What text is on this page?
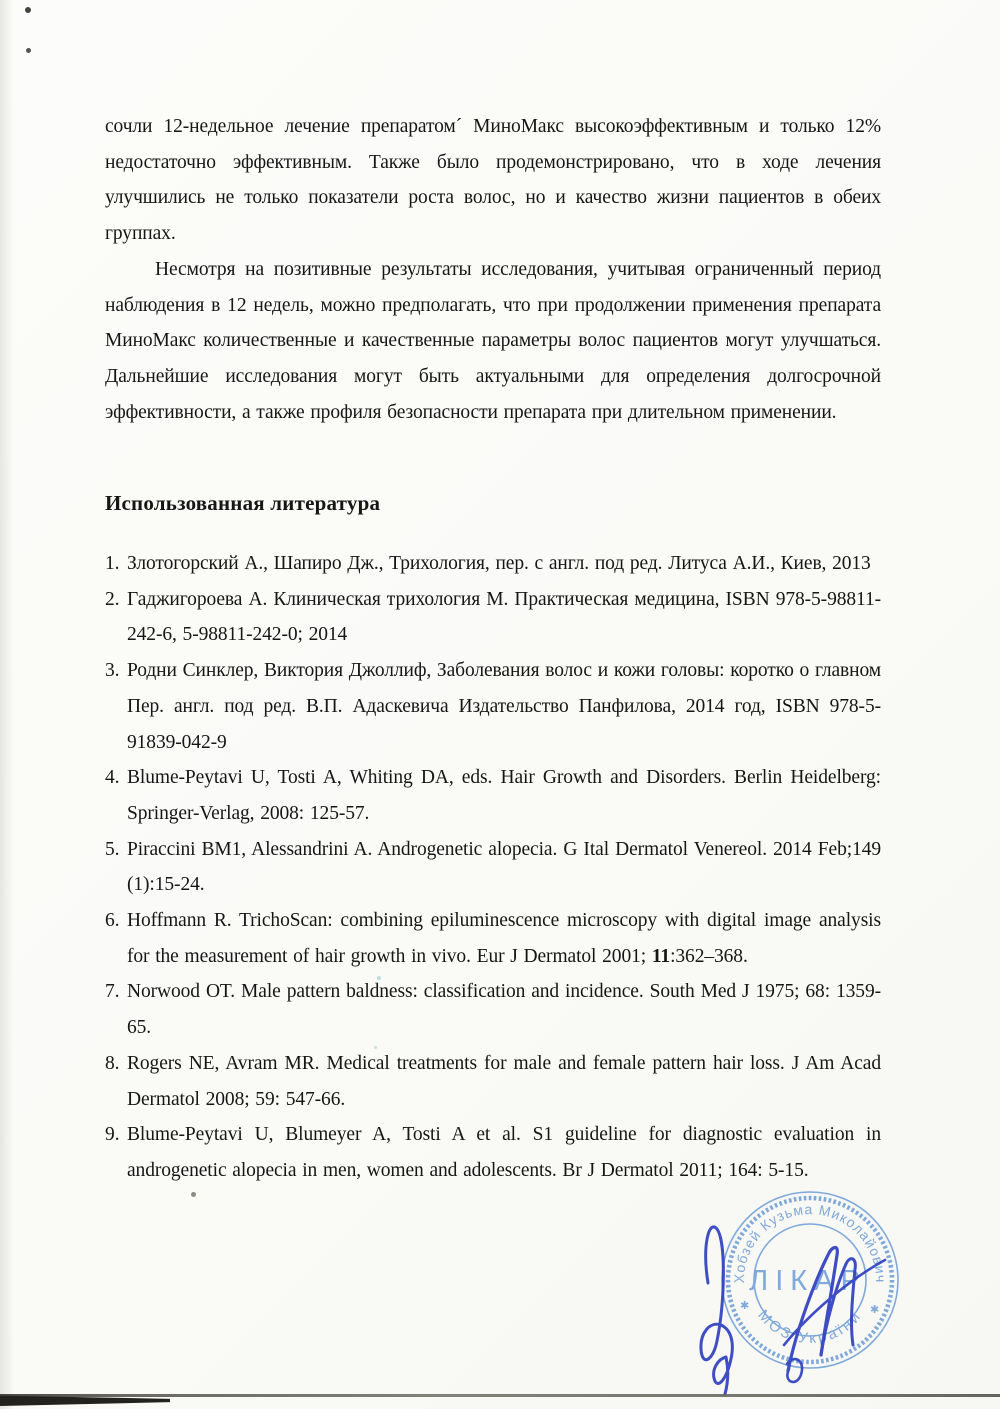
сочли 12-недельное лечение препаратом´ МиноМакс высокоэффективным и только 12% недостаточно эффективным. Также было продемонстрировано, что в ходе лечения улучшились не только показатели роста волос, но и качество жизни пациентов в обеих группах.

Несмотря на позитивные результаты исследования, учитывая ограниченный период наблюдения в 12 недель, можно предполагать, что при продолжении применения препарата МиноМакс количественные и качественные параметры волос пациентов могут улучшаться. Дальнейшие исследования могут быть актуальными для определения долгосрочной эффективности, а также профиля безопасности препарата при длительном применении.

Использованная литература
1. Злотогорский А., Шапиро Дж., Трихология, пер. с англ. под ред. Литуса А.И., Киев, 2013
2. Гаджигороева А. Клиническая трихология М. Практическая медицина, ISBN 978-5-98811-242-6, 5-98811-242-0; 2014
3. Родни Синклер, Виктория Джоллиф, Заболевания волос и кожи головы: коротко о главном Пер. англ. под ред. В.П. Адаскевича Издательство Панфилова, 2014 год, ISBN 978-5-91839-042-9
4. Blume-Peytavi U, Tosti A, Whiting DA, eds. Hair Growth and Disorders. Berlin Heidelberg: Springer-Verlag, 2008: 125-57.
5. Piraccini BM1, Alessandrini A. Androgenetic alopecia. G Ital Dermatol Venereol. 2014 Feb;149 (1):15-24.
6. Hoffmann R. TrichoScan: combining epiluminescence microscopy with digital image analysis for the measurement of hair growth in vivo. Eur J Dermatol 2001; 11:362–368.
7. Norwood OT. Male pattern baldness: classification and incidence. South Med J 1975; 68: 1359-65.
8. Rogers NE, Avram MR. Medical treatments for male and female pattern hair loss. J Am Acad Dermatol 2008; 59: 547-66.
9. Blume-Peytavi U, Blumeyer A, Tosti A et al. S1 guideline for diagnostic evaluation in androgenetic alopecia in men, women and adolescents. Br J Dermatol 2011; 164: 5-15.
Хобзей Кузьма Миколайович
МОЗ України
ЛІКАР
✱	✱
